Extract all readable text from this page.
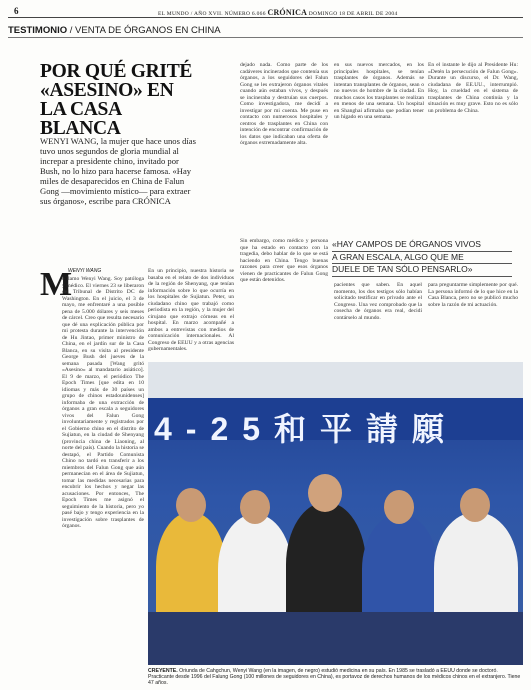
6	EL MUNDO / AÑO XVII. NÚMERO 6.066 CRÓNICA DOMINGO 18 DE ABRIL DE 2004
TESTIMONIO / VENTA DE ÓRGANOS EN CHINA
POR QUÉ GRITÉ «ASESINO» EN LA CASA BLANCA

WENYI WANG, la mujer que hace unos días tuvo unos segundos de gloria mundial al increpar a presidente chino, invitado por Bush, no lo hizo para hacerse famosa. «Hay miles de desaparecidos en China de Falun Gong —movimiento místico— para extraer sus órganos», escribe para CRÓNICA

M
WENYI WANG

e llamo Wenyi Wang. Soy patóloga y médico. El viernes 23 se liberaron del Tribunal de Distrito DC de Washington. En el juicio, el 3 de mayo, me enfrentaré a una posible pena de 5.000 dólares y seis meses de cárcel. Creo que resulta necesario que dé una explicación pública por mi protesta durante la intervención de Hu Jintao, primer ministro de China, en el jardín sur de la Casa Blanca, en su visita al presidente George Bush del jueves de la semana pasada [Wang gritó «Asesino» al mandatario asiático]. El 9 de marzo, el periódico The Epoch Times [que edita en 10 idiomas y más de 30 países un grupo de chinos estadounidenses] informaba de una extracción de órganos a gran escala a seguidores vivos del Falun Gong involuntariamente y registrados por el Gobierno chino en el distrito de Sujiatun, en la ciudad de Shenyang (provincia china de Liaoning, al norte del país). Cuando la historia se destapó, el Partido Comunista Chino no tardó en transferir a los miembros del Falun Gong que aún permanecían en el área de Sujiatun, tomar las medidas necesarias para encubrir los hechos y negar las acusaciones. Por entonces, The Epoch Times me asignó el seguimiento de la historia, pero yo pasé bajo y tengo experiencia en la investigación sobre trasplantes de órganos.

En un principio, nuestra historia se basaba en el relato de dos individuos de la región de Shenyang, que tenían información sobre lo que ocurría en los hospitales de Sujiatun. Peter, un ciudadano chino que trabajó como periodista en la región, y la mujer del cirujano que extrajo córneas en el hospital. En marzo acompañé a ambos a entrevistas con medios de comunicación internacionales. Al Congreso de EEUU y a otras agencias gubernamentales.

dejado nada. Como parte de los cadáveres incinerados que contenía sus órganos, a los seguidores del Falun Gong se les extrajeron órganos vitales cuando aún estaban vivos, y después se incineraba y destruían sus cuerpos. Como investigadora, me decidí a investigar por mi cuenta. Me puse en contacto con numerosos hospitales y centros de trasplantes en China con intención de encontrar confirmación de los datos que indicaban una oferta de órganos extremadamente alta.

Sin embargo, como médico y persona que ha estado en contacto con la tragedia, debo hablar de lo que se está haciendo en China. Tengo buenas razones para creer que esos órganos vienen de practicantes de Falun Gong que están detenidos.

en sus nuevos mercados, en los principales hospitales, se tenían trasplantes de órganos. Además se intentan transplantes de órganos, sean o no nuevos de hombre de la ciudad. En muchos casos los trasplantes se realizan en menos de una semana. Un hospital en Shanghai afirmaba que podían tener un hígado en una semana.

En el instante le dijo al Presidente Hu: «Detén la persecución de Falun Gong». Durante un discurso, el Dr. Wang, ciudadana de EE.UU., interrumpió. Hoy, la crueldad en el sistema de trasplantes de China continúa y la situación es muy grave. Esto no es sólo un problema de China.

pacientes que saben. En aquel momento, los dos testigos sólo habían solicitado testificar en privado ante el Congreso. Una vez comprobado que la cosecha de órganos era real, decidí contárselo al mundo.

para preguntarme simplemente por qué. La persona informó de lo que hice en la Casa Blanca, pero no se publicó mucho sobre la razón de mi actuación.

«HAY CAMPOS DE ÓRGANOS VIVOS
A GRAN ESCALA, ALGO QUE ME
DUELE DE TAN SÓLO PENSARLO»
4-25和平請願

CREYENTE. Oriunda de Cahgchun, Wenyi Wang (en la imagen, de negro) estudió medicina en su país. En 1985 se trasladó a EEUU donde se doctoró. Practicante desde 1996 del Falung Gong (100 millones de seguidores en China), es portavoz de derechos humanos de los médicos chinos en el extranjero. Tiene 47 años.
